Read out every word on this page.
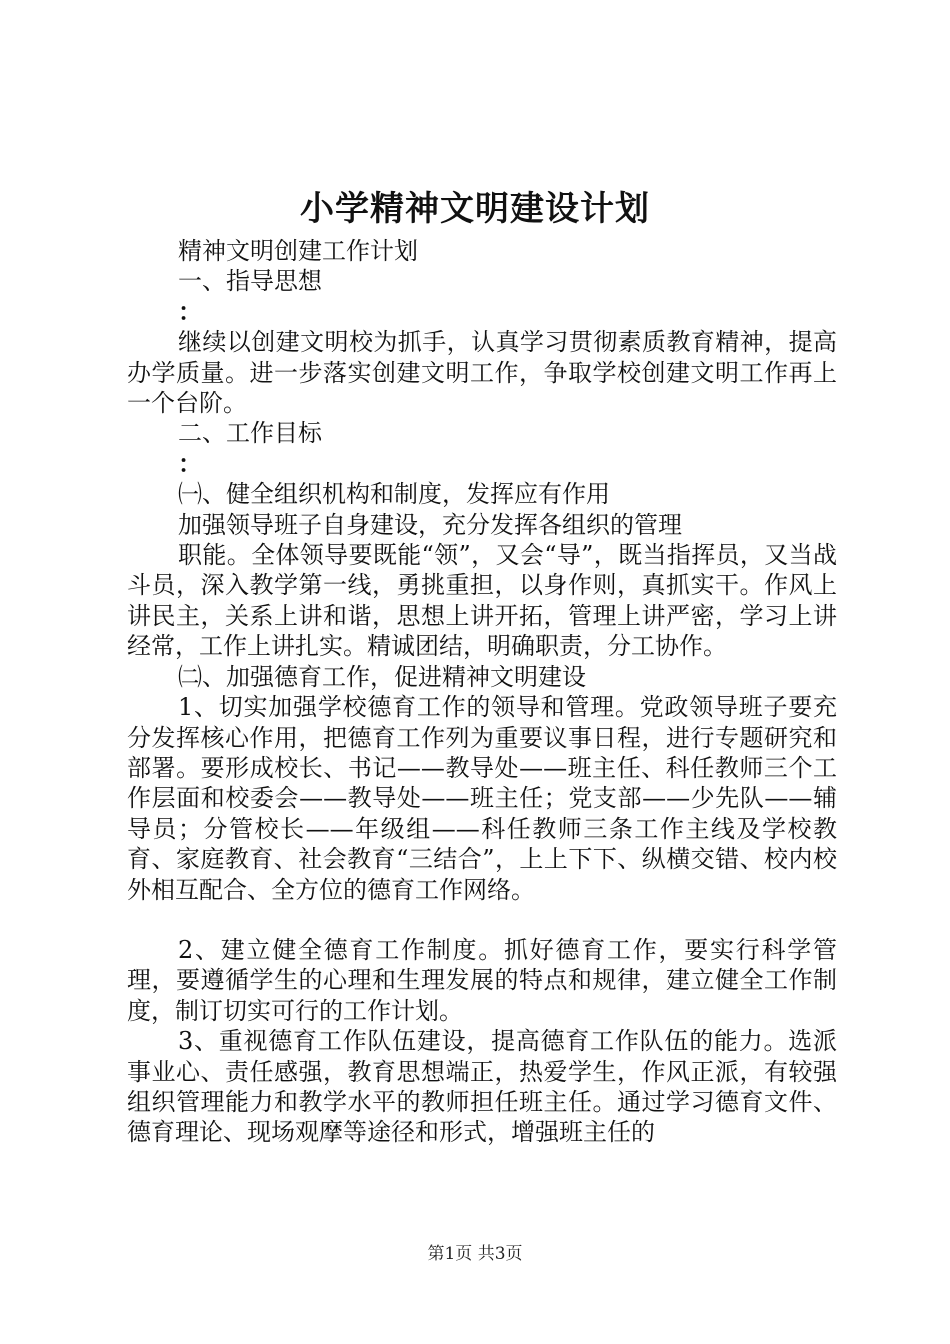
小学精神文明建设计划

精神文明创建工作计划

一、指导思想

：

继续以创建文明校为抓手，认真学习贯彻素质教育精神，提高办学质量。进一步落实创建文明工作，争取学校创建文明工作再上一个台阶。

二、工作目标

：

㈠、健全组织机构和制度，发挥应有作用

加强领导班子自身建设，充分发挥各组织的管理

职能。全体领导要既能“领”，又会“导”，既当指挥员，又当战斗员，深入教学第一线，勇挑重担，以身作则，真抓实干。作风上讲民主，关系上讲和谐，思想上讲开拓，管理上讲严密，学习上讲经常，工作上讲扎实。精诚团结，明确职责，分工协作。

㈡、加强德育工作，促进精神文明建设

1、切实加强学校德育工作的领导和管理。党政领导班子要充分发挥核心作用，把德育工作列为重要议事日程，进行专题研究和部署。要形成校长、书记——教导处——班主任、科任教师三个工作层面和校委会——教导处——班主任；党支部——少先队——辅导员；分管校长——年级组——科任教师三条工作主线及学校教育、家庭教育、社会教育“三结合”，上上下下、纵横交错、校内校外相互配合、全方位的德育工作网络。

2、建立健全德育工作制度。抓好德育工作，要实行科学管理，要遵循学生的心理和生理发展的特点和规律，建立健全工作制度，制订切实可行的工作计划。

3、重视德育工作队伍建设，提高德育工作队伍的能力。选派事业心、责任感强，教育思想端正，热爱学生，作风正派，有较强组织管理能力和教学水平的教师担任班主任。通过学习德育文件、德育理论、现场观摩等途径和形式，增强班主任的

第1页 共3页
